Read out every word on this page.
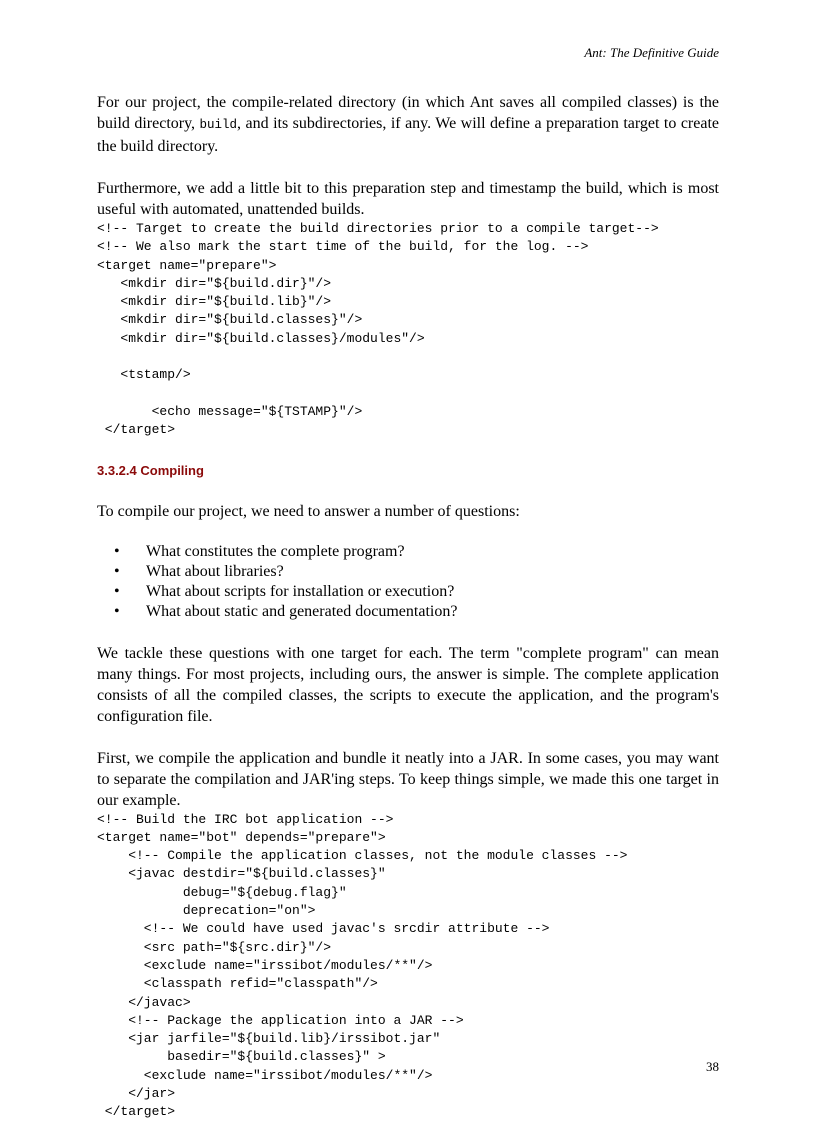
Ant: The Definitive Guide

For our project, the compile-related directory (in which Ant saves all compiled classes) is the build directory, build, and its subdirectories, if any. We will define a preparation target to create the build directory.

Furthermore, we add a little bit to this preparation step and timestamp the build, which is most useful with automated, unattended builds.

<!-- Target to create the build directories prior to a compile target-->
<!-- We also mark the start time of the build, for the log. -->
<target name="prepare">
<mkdir dir="${build.dir}"/>
<mkdir dir="${build.lib}"/>
<mkdir dir="${build.classes}"/>
<mkdir dir="${build.classes}/modules"/>

<tstamp/>

<echo message="${TSTAMP}"/>
</target>
3.3.2.4 Compiling

To compile our project, we need to answer a number of questions:

• What constitutes the complete program?
• What about libraries?
• What about scripts for installation or execution?
• What about static and generated documentation?

We tackle these questions with one target for each. The term "complete program" can mean many things. For most projects, including ours, the answer is simple. The complete application consists of all the compiled classes, the scripts to execute the application, and the program's configuration file.

First, we compile the application and bundle it neatly into a JAR. In some cases, you may want to separate the compilation and JAR'ing steps. To keep things simple, we made this one target in our example.

<!-- Build the IRC bot application -->
<target name="bot" depends="prepare">
<!-- Compile the application classes, not the module classes -->
<javac destdir="${build.classes}"
debug="${debug.flag}"
deprecation="on">
<!-- We could have used javac's srcdir attribute -->
<src path="${src.dir}"/>
<exclude name="irssibot/modules/**"/>
<classpath refid="classpath"/>
</javac>
<!-- Package the application into a JAR -->
<jar jarfile="${build.lib}/irssibot.jar"
basedir="${build.classes}" >
<exclude name="irssibot/modules/**"/>
</jar>
</target>
38
